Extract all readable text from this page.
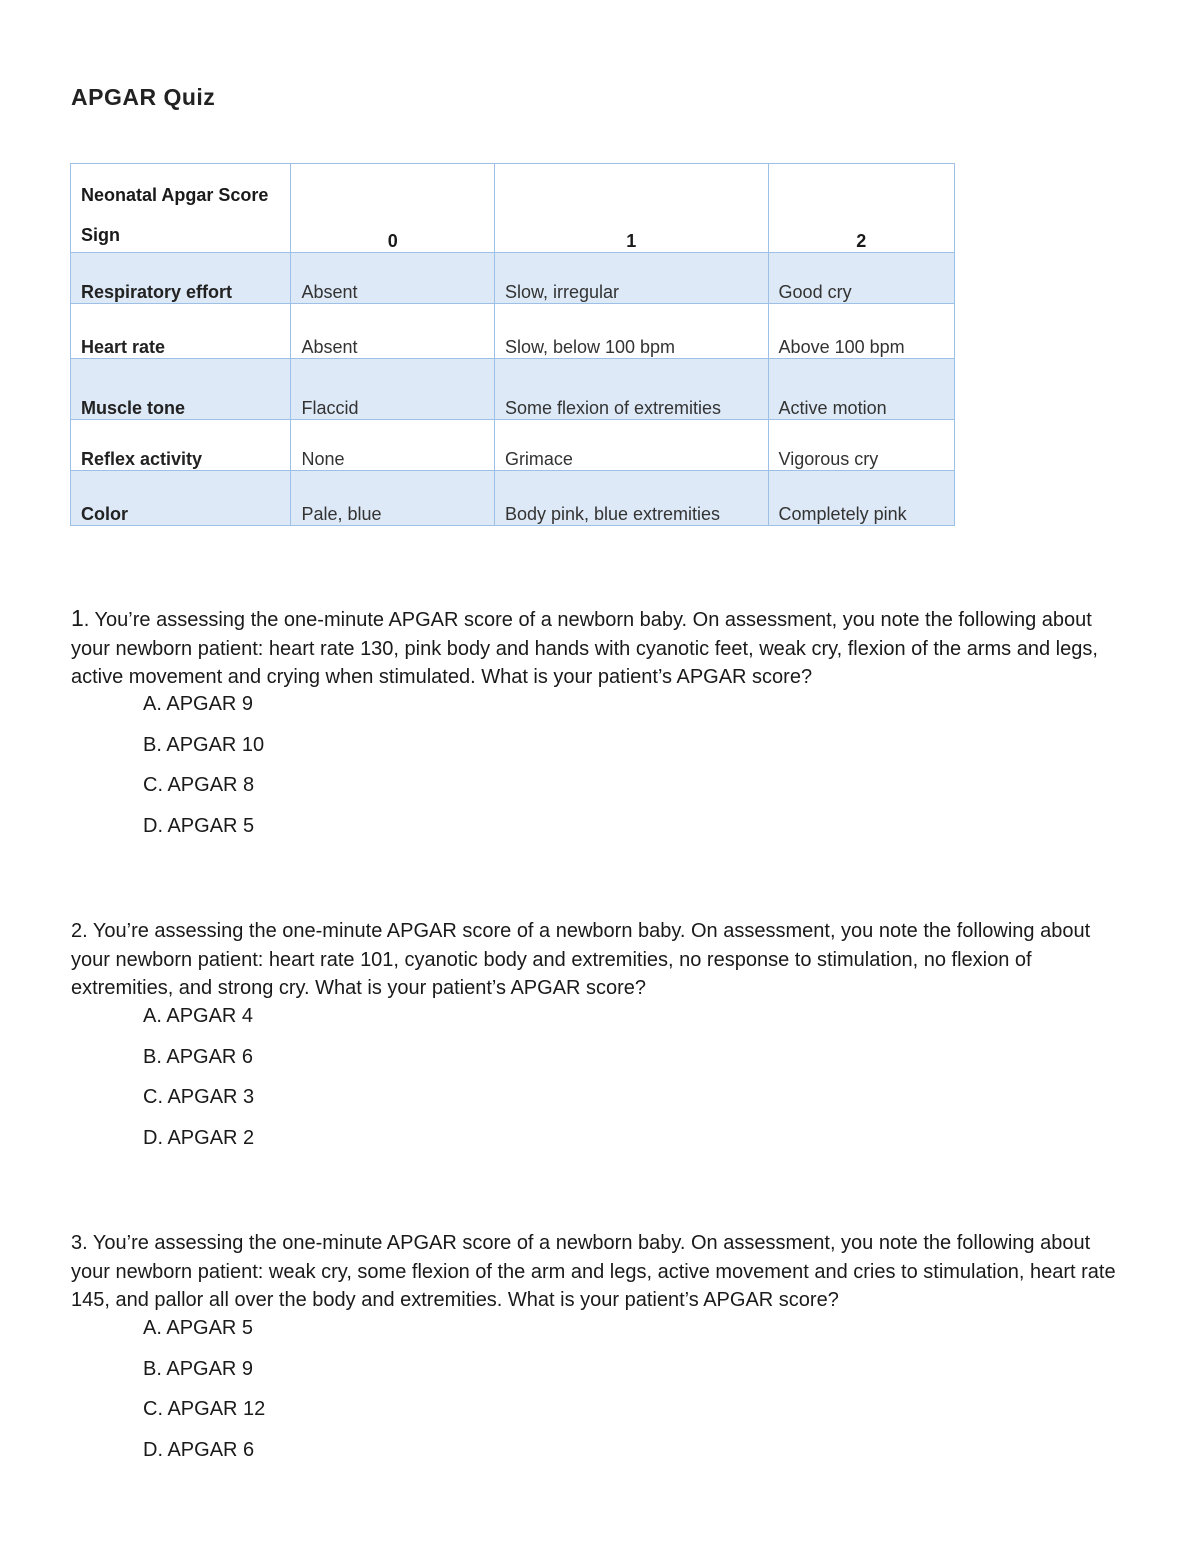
APGAR Quiz
Neonatal Apgar Score
Sign	0	1	2
Respiratory effort	Absent	Slow, irregular	Good cry
Heart rate	Absent	Slow, below 100 bpm	Above 100 bpm
Muscle tone	Flaccid	Some flexion of extremities	Active motion
Reflex activity	None	Grimace	Vigorous cry
Color	Pale, blue	Body pink, blue extremities	Completely pink
1. You’re assessing the one-minute APGAR score of a newborn baby. On assessment, you note the following about your newborn patient: heart rate 130, pink body and hands with cyanotic feet, weak cry, flexion of the arms and legs, active movement and crying when stimulated. What is your patient’s APGAR score?
A. APGAR 9
B. APGAR 10
C. APGAR 8
D. APGAR 5
2. You’re assessing the one-minute APGAR score of a newborn baby. On assessment, you note the following about your newborn patient: heart rate 101, cyanotic body and extremities, no response to stimulation, no flexion of extremities, and strong cry. What is your patient’s APGAR score?
A. APGAR 4
B. APGAR 6
C. APGAR 3
D. APGAR 2
3. You’re assessing the one-minute APGAR score of a newborn baby. On assessment, you note the following about your newborn patient: weak cry, some flexion of the arm and legs, active movement and cries to stimulation, heart rate 145, and pallor all over the body and extremities. What is your patient’s APGAR score?
A. APGAR 5
B. APGAR 9
C. APGAR 12
D. APGAR 6
